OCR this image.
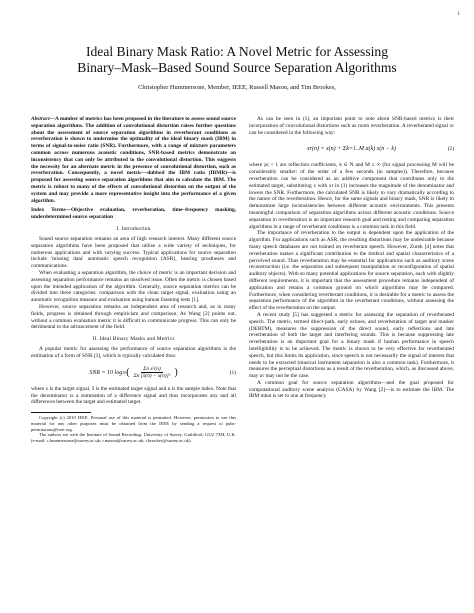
1
Ideal Binary Mask Ratio: A Novel Metric for Assessing
Binary–Mask–Based Sound Source Separation Algorithms
Christopher Hummersone, Member, IEEE, Russell Mason, and Tim Brookes,

Abstract—A number of metrics has been proposed in the literature to assess sound source separation algorithms. The addition of convolutional distortion raises further questions about the assessment of source separation algorithms in reverberant conditions as reverberation is shown to undermine the optimality of the ideal binary mask (IBM) in terms of signal-to-noise ratio (SNR). Furthermore, with a range of mixture parameters common across numerous acoustic conditions, SNR-based metrics demonstrate an inconsistency that can only be attributed to the convolutional distortion. This suggests the necessity for an alternate metric in the presence of convolutional distortion, such as reverberation. Consequently, a novel metric—dubbed the IBM ratio (IBMR)—is proposed for assessing source separation algorithms that aim to calculate the IBM. The metric is robust to many of the effects of convolutional distortion on the output of the system and may provide a more representative insight into the performance of a given algorithm.

Index Terms—Objective evaluation, reverberation, time–frequency masking, underdetermined source separation

I. Introduction

Sound source separation remains an area of high research interest. Many different source separation algorithms have been proposed that utilise a wide variety of techniques, for numerous applications and with varying success. Typical applications for source separation include 'missing data' automatic speech recognition (ASR), hearing prostheses and communications.

When evaluating a separation algorithm, the choice of metric is an important decision and assessing separation performance remains an unsolved issue. Often the metric is chosen based upon the intended application of the algorithm. Generally, source separation metrics can be divided into three categories: comparison with the clean target signal, evaluation using an automatic recognition measure and evaluation using human listening tests [1].

However, source separation remains an independent area of research and, as in many fields, progress is obtained through empiricism and comparison. As Wang [2] points out, without a common evaluation metric it is difficult to communicate progress. This can only be detrimental to the advancement of the field.

II. Ideal Binary Masks and Metrics

A popular metric for assessing the performance of source separation algorithms is the estimation of a form of SNR [3], which is typically calculated thus:

SNR = 10 log 10 ( $\frac{\text{Σn x²(n)}}{\text{Σn [x̂(n) − x(n)]²}}$ )	(1)

where x is the target signal, x̂ is the estimated target signal and n is the sample index. Note that the denominator is a summation of a difference signal and thus incorporates any and all differences between the target and estimated target.

Copyright (c) 2010 IEEE. Personal use of this material is permitted. However, permission to use this material for any other purposes must be obtained from the IEEE by sending a request to pubs-permissions@ieee.org.

The authors are with the Institute of Sound Recording, University of Surrey, Guildford, GU2 7XH, U.K. (e-mail: c.hummersone@surrey.ac.uk; r.mason@surrey.ac.uk; t.brookes@surrey.ac.uk).

As can be seen in (1), an important point to note about SNR-based metrics is their incorporation of convolutional distortions such as room reverberation. A reverberated signal xr can be considered in the following way:

xr(n) = x(n) + Σk=1..M a(k) x(n − k)	(2)

where |a| < 1 are reflection coefficients, k ∈ N and M ≤ ∞ (for signal processing M will be considerably smaller: of the order of a few seconds (in samples)). Therefore, because reverberation can be considered as an additive component that contributes only to the estimated target, substituting x with xr in (1) increases the magnitude of the denominator and lowers the SNR. Furthermore, the calculated SNR is likely to vary dramatically according to the nature of the reverberation. Hence, for the same signals and binary mask, SNR is likely to demonstrate large inconsistencies between different acoustic environments. This presents meaningful comparison of separation algorithms across different acoustic conditions. Source separation in reverberation is an important research goal and testing and comparing separation algorithms in a range of reverberant conditions is a common task in this field.

The importance of reverberation to the output is dependent upon the application of the algorithm. For applications such as ASR, the resulting distortions may be undesirable because many speech databases are not trained on reverberant speech. However, Zurek [4] notes that reverberation makes a significant contribution to the timbral and spatial characteristics of a perceived sound. Thus reverberation may be essential for applications such as auditory scene reconstruction (i.e. the separation and subsequent manipulation or reconfiguration of spatial auditory objects). With so many potential applications for source separation, each with slightly different requirements, it is important that the assessment procedure remains independent of application and retains a common ground on which algorithms may be compared. Furthermore, when considering reverberant conditions, it is desirable for a metric to assess the separation performance of the algorithm in the reverberant conditions, without assessing the effect of the reverberation on the output.

A recent study [5] has suggested a metric for assessing the separation of reverberated speech. The metric, termed direct-path, early echoes, and reverberation of target and masker (DERTM), measures the suppression of the direct sound, early reflections and late reverberation of both the target and interfering sounds. This is because suppressing late reverberation is an important goal for a binary mask if human performance in speech intelligibility is to be achieved. The metric is shown to be very effective for reverberated speech, but this limits its application, since speech is not necessarily the signal of interest that needs to be extracted (musical instrument separation is also a common task). Furthermore, it measures the perceptual distortions as a result of the reverberation, which, as discussed above, may or may not be the case.

A common goal for source separation algorithms—and the goal proposed for computational auditory scene analysis (CASA) by Wang [2]—is to estimate the IBM. The IBM mhat is set to one at frequency
